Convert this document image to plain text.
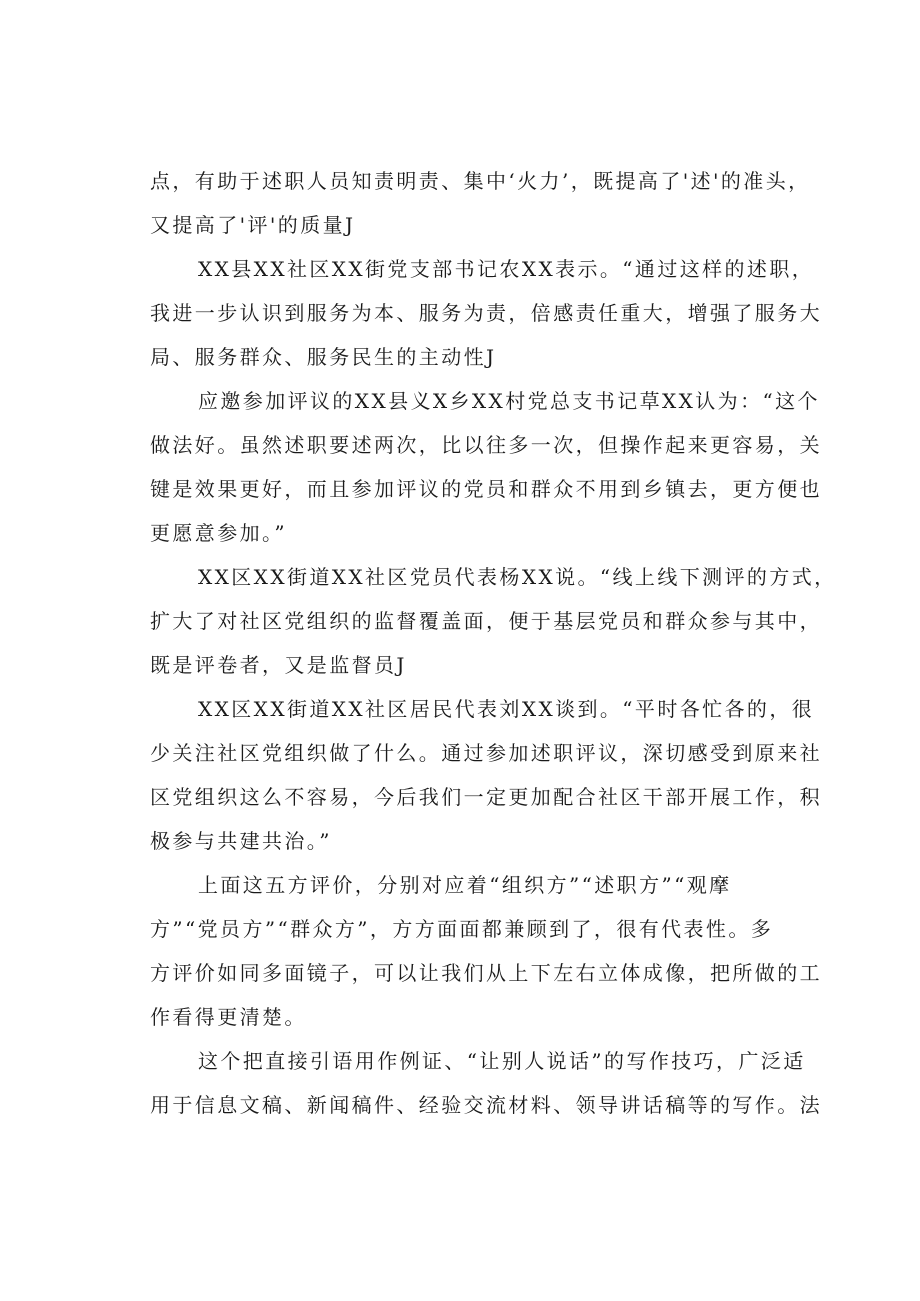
点，有助于述职人员知责明责、集中‘火力’，既提高了'述'的准头，
又提高了'评'的质量J
XX县XX社区XX街党支部书记农XX表示。“通过这样的述职，
我进一步认识到服务为本、服务为责，倍感责任重大，增强了服务大
局、服务群众、服务民生的主动性J
应邀参加评议的XX县义X乡XX村党总支书记草XX认为：“这个
做法好。虽然述职要述两次，比以往多一次，但操作起来更容易，关
键是效果更好，而且参加评议的党员和群众不用到乡镇去，更方便也
更愿意参加。”
XX区XX街道XX社区党员代表杨XX说。“线上线下测评的方式，
扩大了对社区党组织的监督覆盖面，便于基层党员和群众参与其中，
既是评卷者，又是监督员J
XX区XX街道XX社区居民代表刘XX谈到。“平时各忙各的，很
少关注社区党组织做了什么。通过参加述职评议，深切感受到原来社
区党组织这么不容易，今后我们一定更加配合社区干部开展工作，积
极参与共建共治。”
上面这五方评价，分别对应着“组织方”“述职方”“观摩
方”“党员方”“群众方”，方方面面都兼顾到了，很有代表性。多
方评价如同多面镜子，可以让我们从上下左右立体成像，把所做的工
作看得更清楚。
这个把直接引语用作例证、“让别人说话”的写作技巧，广泛适
用于信息文稿、新闻稿件、经验交流材料、领导讲话稿等的写作。法
